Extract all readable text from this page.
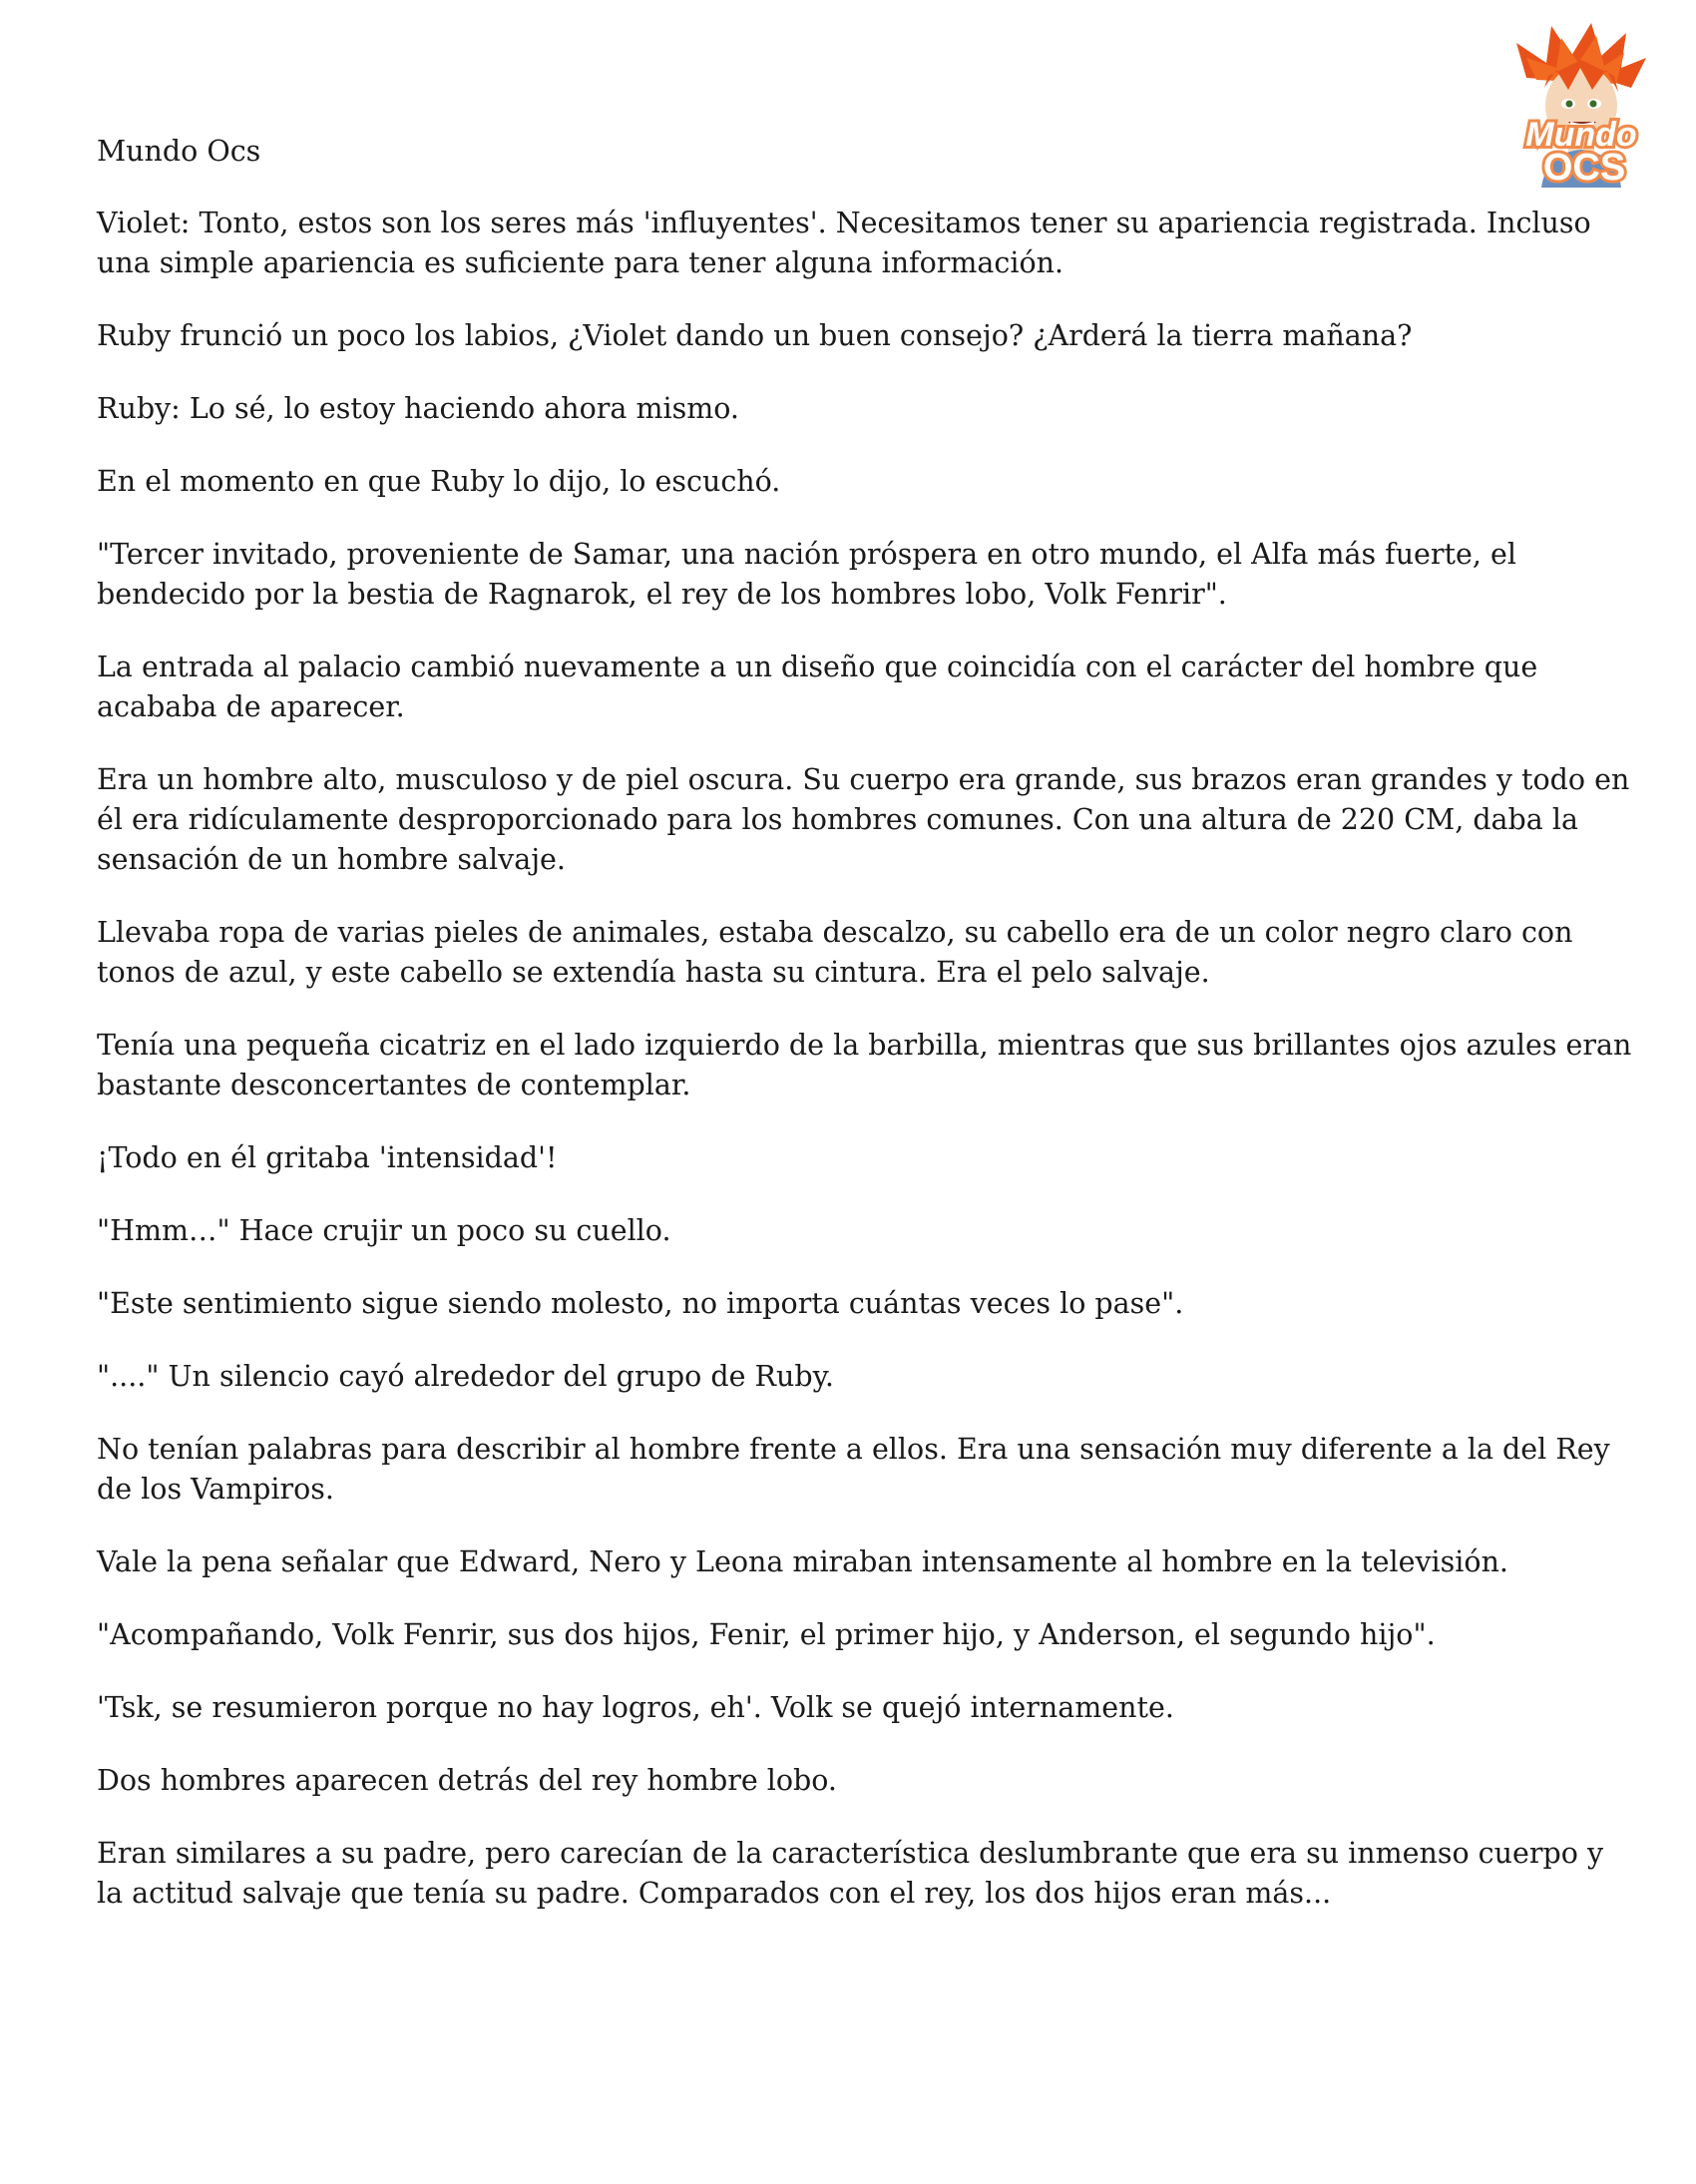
Mundo
OCS

Mundo Ocs

Violet: Tonto, estos son los seres más 'influyentes'. Necesitamos tener su apariencia registrada. Incluso una simple apariencia es suficiente para tener alguna información.

Ruby frunció un poco los labios, ¿Violet dando un buen consejo? ¿Arderá la tierra mañana?

Ruby: Lo sé, lo estoy haciendo ahora mismo.

En el momento en que Ruby lo dijo, lo escuchó.

"Tercer invitado, proveniente de Samar, una nación próspera en otro mundo, el Alfa más fuerte, el bendecido por la bestia de Ragnarok, el rey de los hombres lobo, Volk Fenrir".

La entrada al palacio cambió nuevamente a un diseño que coincidía con el carácter del hombre que acababa de aparecer.

Era un hombre alto, musculoso y de piel oscura. Su cuerpo era grande, sus brazos eran grandes y todo en él era ridículamente desproporcionado para los hombres comunes. Con una altura de 220 CM, daba la sensación de un hombre salvaje.

Llevaba ropa de varias pieles de animales, estaba descalzo, su cabello era de un color negro claro con tonos de azul, y este cabello se extendía hasta su cintura. Era el pelo salvaje.

Tenía una pequeña cicatriz en el lado izquierdo de la barbilla, mientras que sus brillantes ojos azules eran bastante desconcertantes de contemplar.

¡Todo en él gritaba 'intensidad'!

"Hmm…" Hace crujir un poco su cuello.

"Este sentimiento sigue siendo molesto, no importa cuántas veces lo pase".

"...." Un silencio cayó alrededor del grupo de Ruby.

No tenían palabras para describir al hombre frente a ellos. Era una sensación muy diferente a la del Rey de los Vampiros.

Vale la pena señalar que Edward, Nero y Leona miraban intensamente al hombre en la televisión.

"Acompañando, Volk Fenrir, sus dos hijos, Fenir, el primer hijo, y Anderson, el segundo hijo".

'Tsk, se resumieron porque no hay logros, eh'. Volk se quejó internamente.

Dos hombres aparecen detrás del rey hombre lobo.

Eran similares a su padre, pero carecían de la característica deslumbrante que era su inmenso cuerpo y la actitud salvaje que tenía su padre. Comparados con el rey, los dos hijos eran más...
